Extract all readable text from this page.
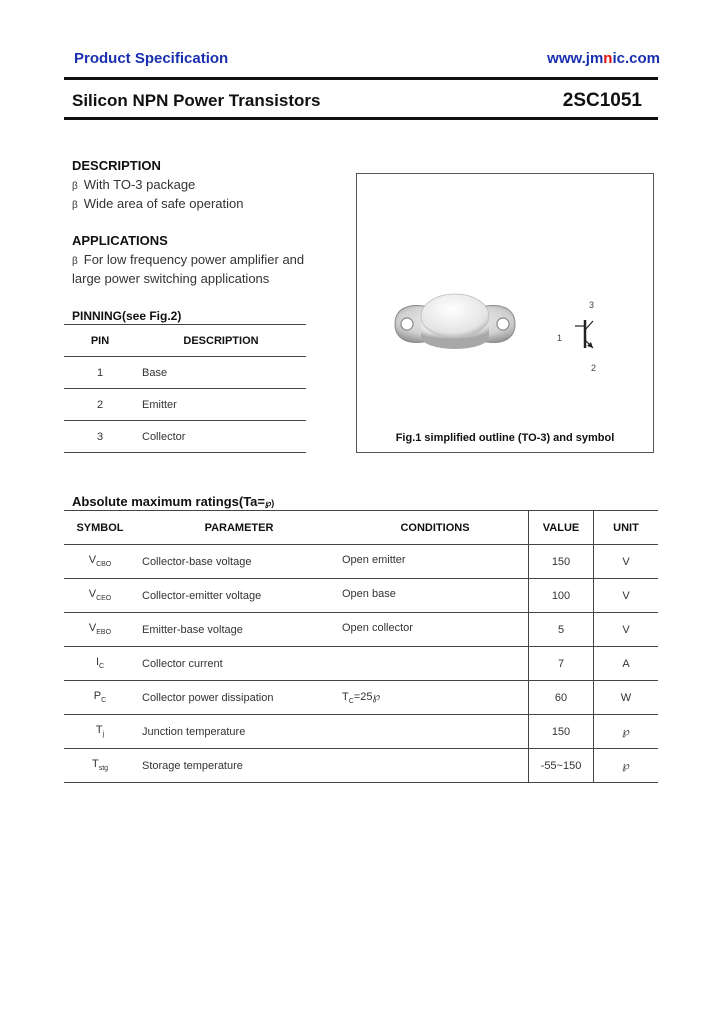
Product Specification	www.jmnic.com
Silicon NPN Power Transistors	2SC1051
DESCRIPTION
β With TO-3 package
β Wide area of safe operation
APPLICATIONS
β For low frequency power amplifier and
large power switching applications
PINNING(see Fig.2)
PIN	DESCRIPTION
1	Base
2	Emitter
3	Collector
1
3
2
Fig.1 simplified outline (TO-3) and symbol
Absolute maximum ratings(Ta=℘)
SYMBOL	PARAMETER	CONDITIONS	VALUE	UNIT
$V_{CBO}$	Collector-base voltage	Open emitter	150	V
$V_{CEO}$	Collector-emitter voltage	Open base	100	V
$V_{EBO}$	Emitter-base voltage	Open collector	5	V
$I_C$	Collector current		7	A
$P_C$	Collector power dissipation	$T_C=25℘$	60	W
$T_j$	Junction temperature		150	℘
$T_{stg}$	Storage temperature		-55~150	℘
